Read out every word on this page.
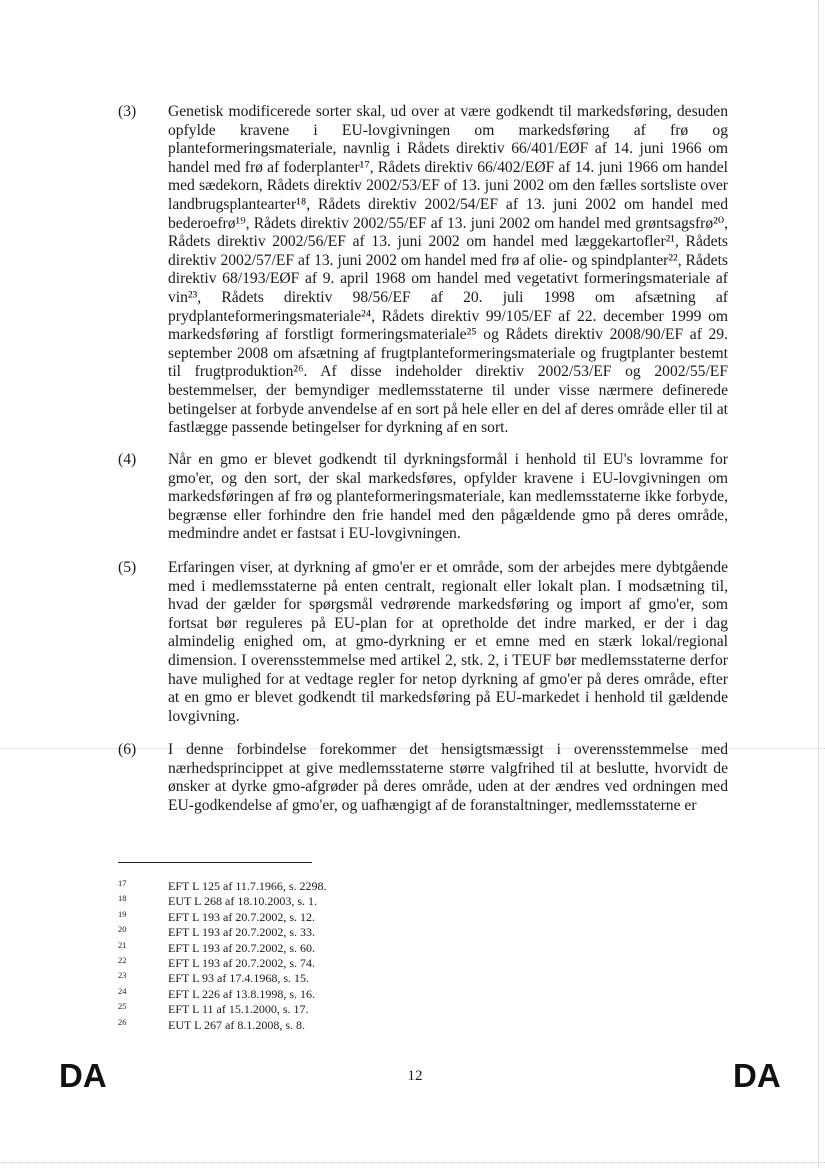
(3)	Genetisk modificerede sorter skal, ud over at være godkendt til markedsføring, desuden opfylde kravene i EU-lovgivningen om markedsføring af frø og planteformeringsmateriale, navnlig i Rådets direktiv 66/401/EØF af 14. juni 1966 om handel med frø af foderplanter¹⁷, Rådets direktiv 66/402/EØF af 14. juni 1966 om handel med sædekorn, Rådets direktiv 2002/53/EF of 13. juni 2002 om den fælles sortsliste over landbrugsplantearter¹⁸, Rådets direktiv 2002/54/EF af 13. juni 2002 om handel med bederoefrø¹⁹, Rådets direktiv 2002/55/EF af 13. juni 2002 om handel med grøntsagsfrø²⁰, Rådets direktiv 2002/56/EF af 13. juni 2002 om handel med læggekartofler²¹, Rådets direktiv 2002/57/EF af 13. juni 2002 om handel med frø af olie- og spindplanter²², Rådets direktiv 68/193/EØF af 9. april 1968 om handel med vegetativt formeringsmateriale af vin²³, Rådets direktiv 98/56/EF af 20. juli 1998 om afsætning af prydplanteformeringsmateriale²⁴, Rådets direktiv 99/105/EF af 22. december 1999 om markedsføring af forstligt formeringsmateriale²⁵ og Rådets direktiv 2008/90/EF af 29. september 2008 om afsætning af frugtplanteformeringsmateriale og frugtplanter bestemt til frugtproduktion²⁶. Af disse indeholder direktiv 2002/53/EF og 2002/55/EF bestemmelser, der bemyndiger medlemsstaterne til under visse nærmere definerede betingelser at forbyde anvendelse af en sort på hele eller en del af deres område eller til at fastlægge passende betingelser for dyrkning af en sort.

(4)	Når en gmo er blevet godkendt til dyrkningsformål i henhold til EU's lovramme for gmo'er, og den sort, der skal markedsføres, opfylder kravene i EU-lovgivningen om markedsføringen af frø og planteformeringsmateriale, kan medlemsstaterne ikke forbyde, begrænse eller forhindre den frie handel med den pågældende gmo på deres område, medmindre andet er fastsat i EU-lovgivningen.

(5)	Erfaringen viser, at dyrkning af gmo'er er et område, som der arbejdes mere dybtgående med i medlemsstaterne på enten centralt, regionalt eller lokalt plan. I modsætning til, hvad der gælder for spørgsmål vedrørende markedsføring og import af gmo'er, som fortsat bør reguleres på EU-plan for at opretholde det indre marked, er der i dag almindelig enighed om, at gmo-dyrkning er et emne med en stærk lokal/regional dimension. I overensstemmelse med artikel 2, stk. 2, i TEUF bør medlemsstaterne derfor have mulighed for at vedtage regler for netop dyrkning af gmo'er på deres område, efter at en gmo er blevet godkendt til markedsføring på EU-markedet i henhold til gældende lovgivning.

(6)	I denne forbindelse forekommer det hensigtsmæssigt i overensstemmelse med nærhedsprincippet at give medlemsstaterne større valgfrihed til at beslutte, hvorvidt de ønsker at dyrke gmo-afgrøder på deres område, uden at der ændres ved ordningen med EU-godkendelse af gmo'er, og uafhængigt af de foranstaltninger, medlemsstaterne er

17	EFT L 125 af 11.7.1966, s. 2298.
18	EUT L 268 af 18.10.2003, s. 1.
19	EFT L 193 af 20.7.2002, s. 12.
20	EFT L 193 af 20.7.2002, s. 33.
21	EFT L 193 af 20.7.2002, s. 60.
22	EFT L 193 af 20.7.2002, s. 74.
23	EFT L 93 af 17.4.1968, s. 15.
24	EFT L 226 af 13.8.1998, s. 16.
25	EFT L 11 af 15.1.2000, s. 17.
26	EUT L 267 af 8.1.2008, s. 8.
DA	12	DA
